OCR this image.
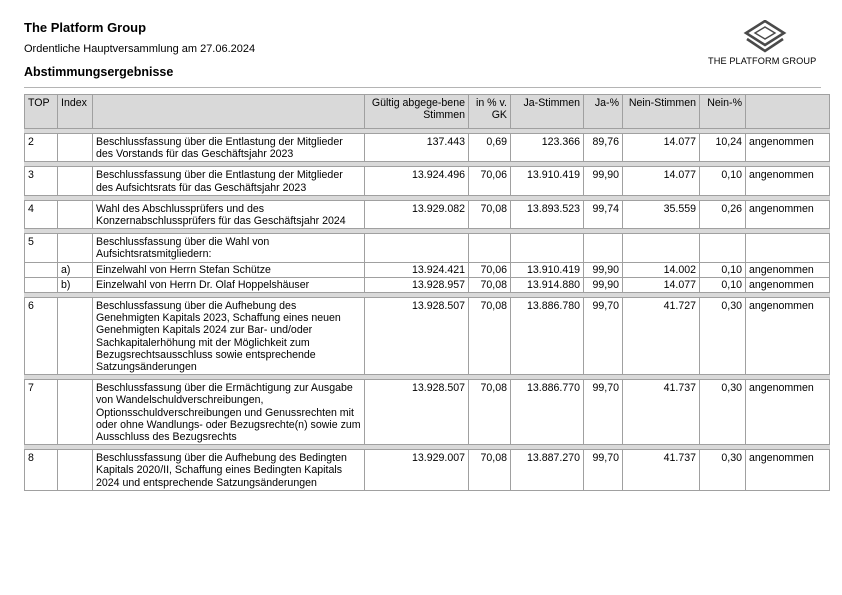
The Platform Group
Ordentliche Hauptversammlung am 27.06.2024
Abstimmungsergebnisse
THE PLATFORM GROUP
TOP	Index		Gültig abgege-bene Stimmen	in % v. GK	Ja-Stimmen	Ja-%	Nein-Stimmen	Nein-%	

2		Beschlussfassung über die Entlastung der Mitglieder des Vorstands für das Geschäftsjahr 2023	137.443	0,69	123.366	89,76	14.077	10,24	angenommen

3		Beschlussfassung über die Entlastung der Mitglieder des Aufsichtsrats für das Geschäftsjahr 2023	13.924.496	70,06	13.910.419	99,90	14.077	0,10	angenommen

4		Wahl des Abschlussprüfers und des Konzernabschlussprüfers für das Geschäftsjahr 2024	13.929.082	70,08	13.893.523	99,74	35.559	0,26	angenommen

5		Beschlussfassung über die Wahl von Aufsichtsratsmitgliedern:							
	a)	Einzelwahl von Herrn Stefan Schütze	13.924.421	70,06	13.910.419	99,90	14.002	0,10	angenommen
	b)	Einzelwahl von Herrn Dr. Olaf Hoppelshäuser	13.928.957	70,08	13.914.880	99,90	14.077	0,10	angenommen

6		Beschlussfassung über die Aufhebung des Genehmigten Kapitals 2023, Schaffung eines neuen Genehmigten Kapitals 2024 zur Bar- und/oder Sachkapitalerhöhung mit der Möglichkeit zum Bezugsrechtsausschluss sowie entsprechende Satzungsänderungen	13.928.507	70,08	13.886.780	99,70	41.727	0,30	angenommen

7		Beschlussfassung über die Ermächtigung zur Ausgabe von Wandelschuldverschreibungen, Optionsschuldverschreibungen und Genussrechten mit oder ohne Wandlungs- oder Bezugsrechte(n) sowie zum Ausschluss des Bezugsrechts	13.928.507	70,08	13.886.770	99,70	41.737	0,30	angenommen

8		Beschlussfassung über die Aufhebung des Bedingten Kapitals 2020/II, Schaffung eines Bedingten Kapitals 2024 und entsprechende Satzungsänderungen	13.929.007	70,08	13.887.270	99,70	41.737	0,30	angenommen
